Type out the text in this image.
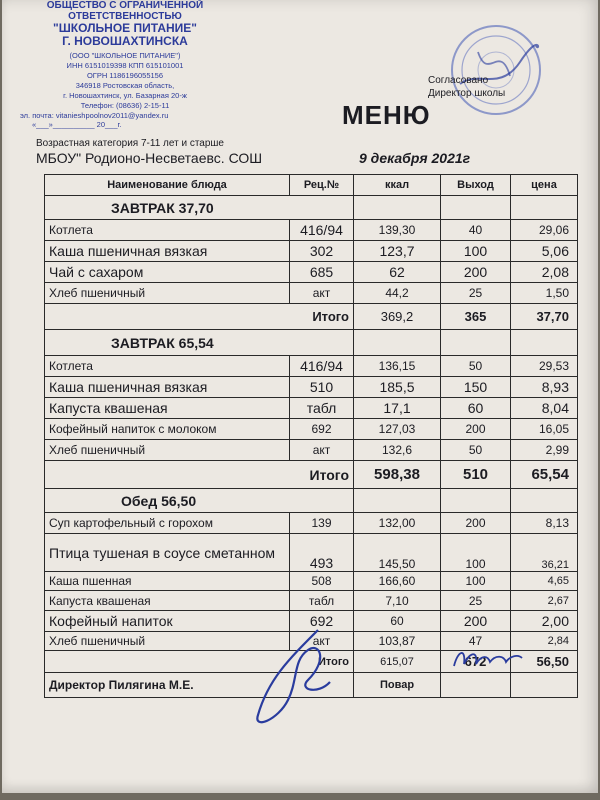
ОБЩЕСТВО С ОГРАНИЧЕННОЙ
ОТВЕТСТВЕННОСТЬЮ
"ШКОЛЬНОЕ ПИТАНИЕ"
Г. НОВОШАХТИНСКА
(ООО "ШКОЛЬНОЕ ПИТАНИЕ")
ИНН 6151019398 КПП 615101001
ОГРН 1186196055156
346918 Ростовская область,
г. Новошахтинск, ул. Базарная 20-ж
Телефон: (08636) 2-15-11
эл. почта: vitanieshpoolnov2011@yandex.ru
«___»__________ 20___г.
Согласовано
Директор школы
МЕНЮ
Возрастная категория 7-11 лет и старше
МБОУ" Родионо-Несветаевс. СОШ	9 декабря 2021г
Наименование блюда	Рец.№	ккал	Выход	цена
ЗАВТРАК 37,70				
Котлета	416/94	139,30	40	29,06
Каша пшеничная вязкая	302	123,7	100	5,06
Чай с сахаром	685	62	200	2,08
Хлеб пшеничный	акт	44,2	25	1,50
Итого		369,2	365	37,70
ЗАВТРАК 65,54				
Котлета	416/94	136,15	50	29,53
Каша пшеничная вязкая	510	185,5	150	8,93
Капуста квашеная	табл	17,1	60	8,04
Кофейный напиток с молоком	692	127,03	200	16,05
Хлеб пшеничный	акт	132,6	50	2,99
Итого		598,38	510	65,54
Обед 56,50				
Суп картофельный с горохом	139	132,00	200	8,13
Птица тушеная в соусе сметанном	493	145,50	100	36,21
Каша пшенная	508	166,60	100	4,65
Капуста квашеная	табл	7,10	25	2,67
Кофейный напиток	692	60	200	2,00
Хлеб пшеничный	акт	103,87	47	2,84
Итого		615,07	672	56,50
Директор Пилягина М.Е.		Повар		
